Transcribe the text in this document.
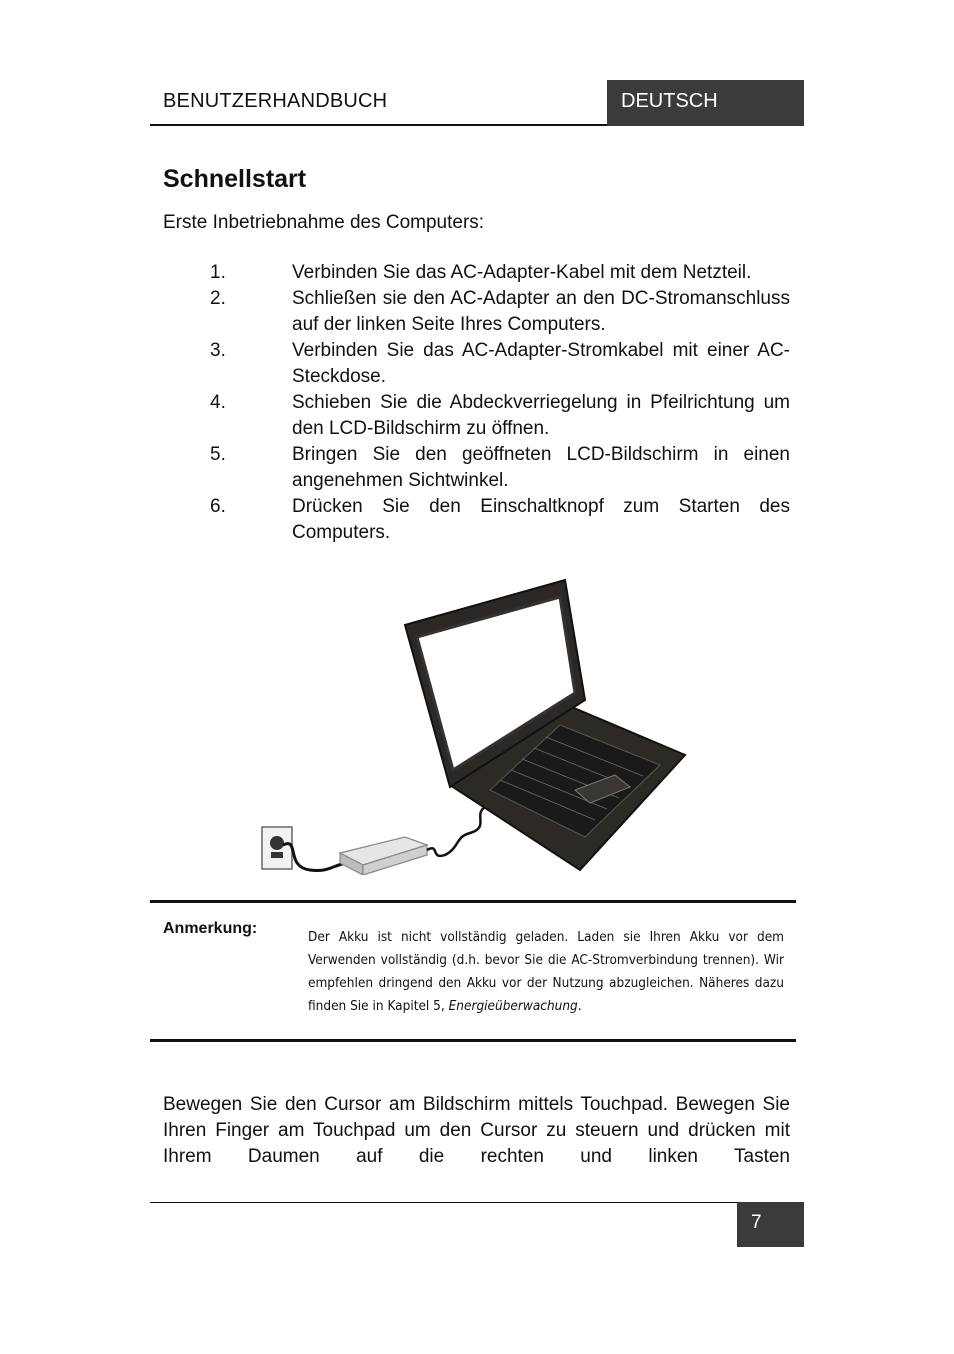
BENUTZERHANDBUCH	DEUTSCH
Schnellstart

Erste Inbetriebnahme des Computers:

1.	Verbinden Sie das AC-Adapter-Kabel mit dem Netzteil.
2.	Schließen sie den AC-Adapter an den DC-Stromanschluss auf der linken Seite Ihres Computers.
3.	Verbinden Sie das AC-Adapter-Stromkabel mit einer AC-Steckdose.
4.	Schieben Sie die Abdeckverriegelung in Pfeilrichtung um den LCD-Bildschirm zu öffnen.
5.	Bringen Sie den geöffneten LCD-Bildschirm in einen angenehmen Sichtwinkel.
6.	Drücken Sie den Einschaltknopf zum Starten des Computers.
Anmerkung:	Der Akku ist nicht vollständig geladen. Laden sie Ihren Akku vor dem Verwenden vollständig (d.h. bevor Sie die AC-Stromverbindung trennen). Wir empfehlen dringend den Akku vor der Nutzung abzugleichen. Näheres dazu finden Sie in Kapitel 5, Energieüberwachung.

Bewegen Sie den Cursor am Bildschirm mittels Touchpad. Bewegen Sie Ihren Finger am Touchpad um den Cursor zu steuern und drücken mit Ihrem Daumen auf die rechten und linken Tasten

7
